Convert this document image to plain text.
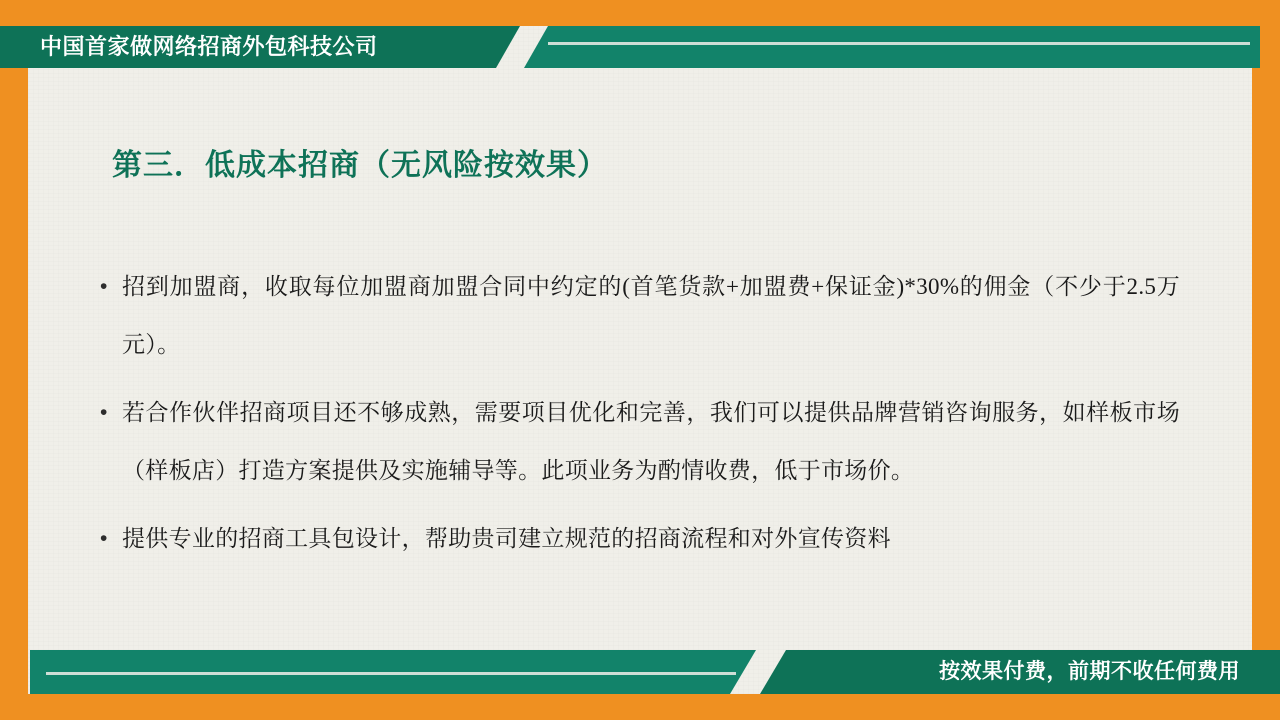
中国首家做网络招商外包科技公司
第三．低成本招商（无风险按效果）
• 招到加盟商，收取每位加盟商加盟合同中约定的(首笔货款+加盟费+保证金)*30%的佣金（不少于2.5万元）。
• 若合作伙伴招商项目还不够成熟，需要项目优化和完善，我们可以提供品牌营销咨询服务，如样板市场（样板店）打造方案提供及实施辅导等。此项业务为酌情收费，低于市场价。
• 提供专业的招商工具包设计，帮助贵司建立规范的招商流程和对外宣传资料
按效果付费，前期不收任何费用
